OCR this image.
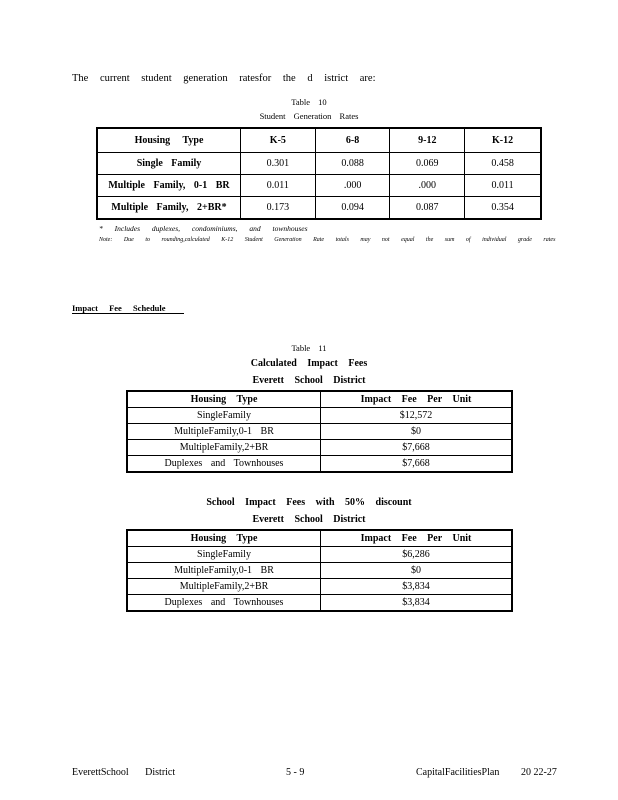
The current student generation ratesfor the d istrict are:
Table 10
Student Generation Rates
Housing Type	K-5	6-8	9-12	K-12
Single Family	0.301	0.088	0.069	0.458
Multiple Family, 0-1 BR	0.011	.000	.000	0.011
Multiple Family, 2+BR*	0.173	0.094	0.087	0.354
* Includes duplexes, condominiums, and townhouses
Note: Due to rounding,calculated K-12 Student Generation Rate totals may not equal the sum of individual grade rates
Impact Fee Schedule
Table 11
Calculated Impact Fees
Everett School District
Housing Type	Impact Fee Per Unit
SingleFamily	$12,572
MultipleFamily,0-1 BR	$0
MultipleFamily,2+BR	$7,668
Duplexes and Townhouses	$7,668
School Impact Fees with 50% discount
Everett School District
Housing Type	Impact Fee Per Unit
SingleFamily	$6,286
MultipleFamily,0-1 BR	$0
MultipleFamily,2+BR	$3,834
Duplexes and Townhouses	$3,834
EverettSchool District	5 - 9	CapitalFacilitiesPlan 20 22-27
